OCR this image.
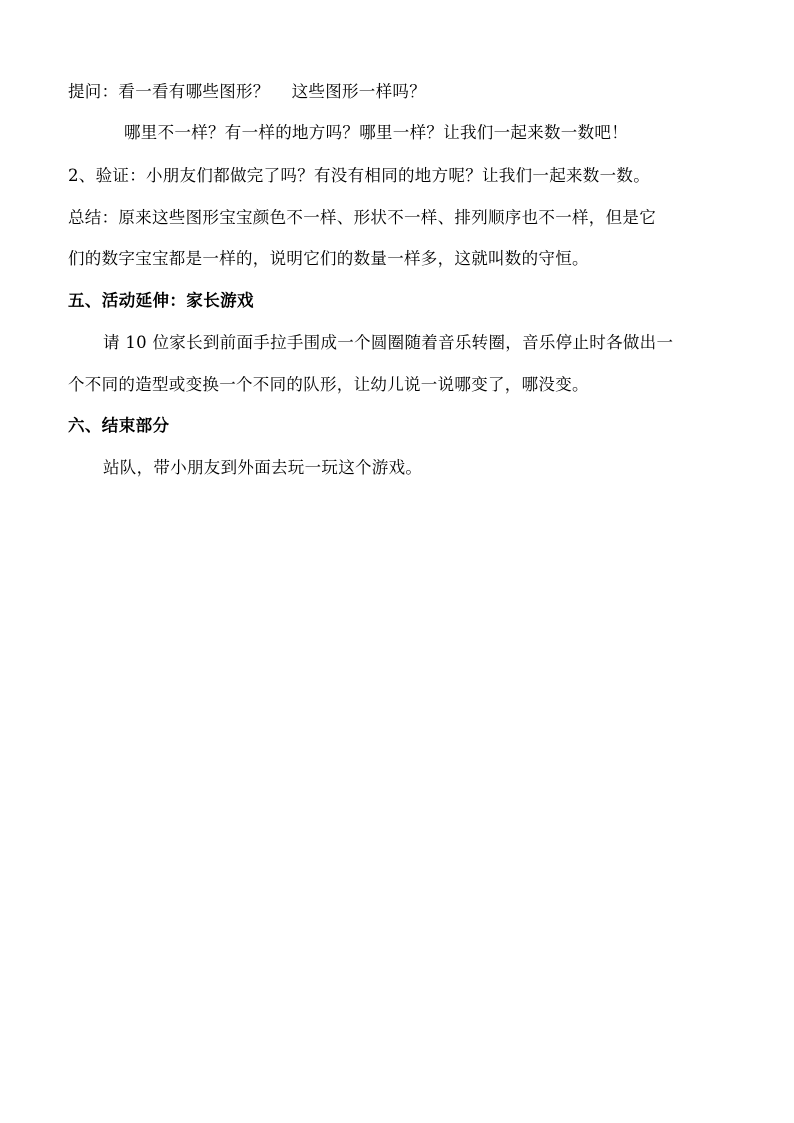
提问：看一看有哪些图形？ 这些图形一样吗？
哪里不一样？有一样的地方吗？哪里一样？让我们一起来数一数吧！
2、验证：小朋友们都做完了吗？有没有相同的地方呢？让我们一起来数一数。
总结：原来这些图形宝宝颜色不一样、形状不一样、排列顺序也不一样，但是它
们的数字宝宝都是一样的，说明它们的数量一样多，这就叫数的守恒。
五、活动延伸：家长游戏
请 10 位家长到前面手拉手围成一个圆圈随着音乐转圈，音乐停止时各做出一
个不同的造型或变换一个不同的队形，让幼儿说一说哪变了，哪没变。
六、结束部分
站队，带小朋友到外面去玩一玩这个游戏。
